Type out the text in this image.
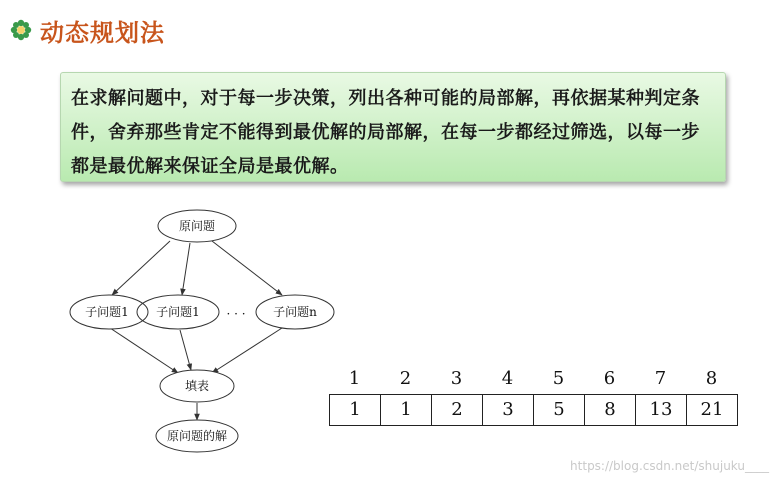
动态规划法

在求解问题中，对于每一步决策，列出各种可能的局部解，再依据某种判定条件，舍弃那些肯定不能得到最优解的局部解，在每一步都经过筛选，以每一步都是最优解来保证全局是最优解。

原问题
子问题1 子问题1 · · · 子问题n
填表
原问题的解
1	2	3	4	5	6	7	8
1	1	2	3	5	8	13	21
https://blog.csdn.net/shujuku____
